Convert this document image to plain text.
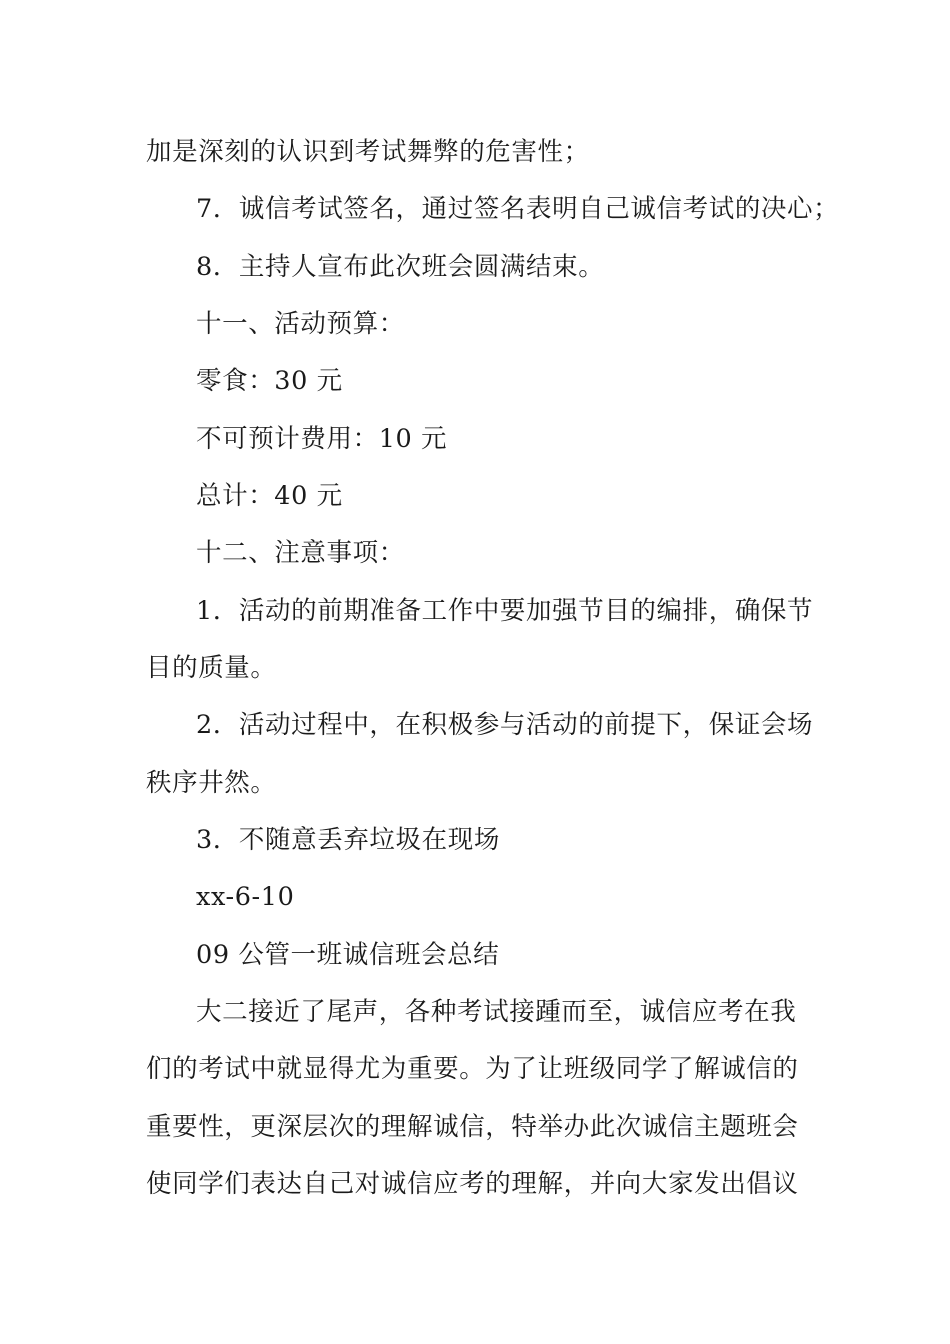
加是深刻的认识到考试舞弊的危害性；
7．诚信考试签名，通过签名表明自己诚信考试的决心；
8．主持人宣布此次班会圆满结束。
十一、活动预算：
零食：30 元
不可预计费用：10 元
总计：40 元
十二、注意事项：
1．活动的前期准备工作中要加强节目的编排，确保节
目的质量。
2．活动过程中，在积极参与活动的前提下，保证会场
秩序井然。
3．不随意丢弃垃圾在现场
xx-6-10
09 公管一班诚信班会总结
大二接近了尾声，各种考试接踵而至，诚信应考在我
们的考试中就显得尤为重要。为了让班级同学了解诚信的
重要性，更深层次的理解诚信，特举办此次诚信主题班会
使同学们表达自己对诚信应考的理解，并向大家发出倡议
